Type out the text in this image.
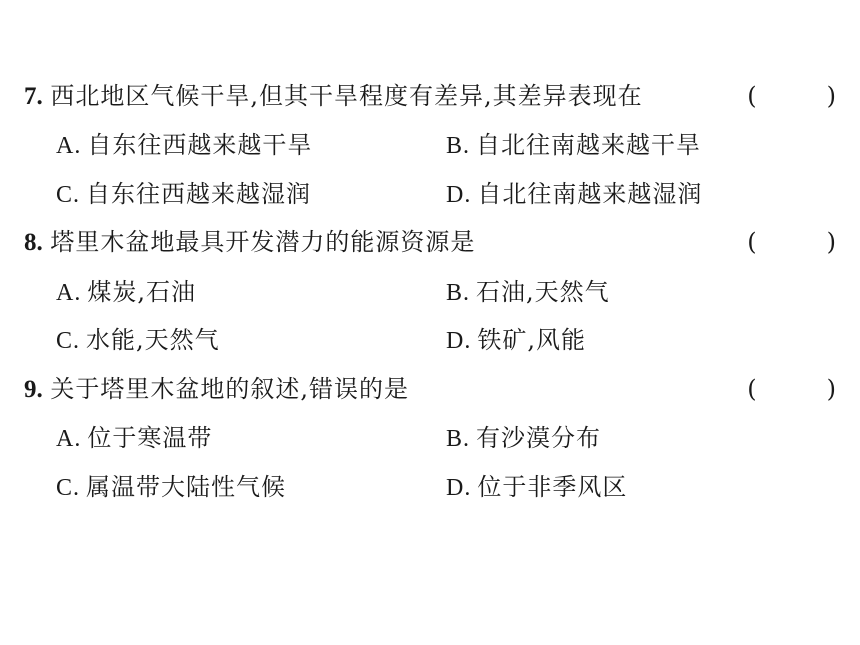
7. 西北地区气候干旱,但其干旱程度有差异,其差异表现在	(	)
A. 自东往西越来越干旱	B. 自北往南越来越干旱
C. 自东往西越来越湿润	D. 自北往南越来越湿润
8. 塔里木盆地最具开发潜力的能源资源是	(	)
A. 煤炭,石油	B. 石油,天然气
C. 水能,天然气	D. 铁矿,风能
9. 关于塔里木盆地的叙述,错误的是	(	)
A. 位于寒温带	B. 有沙漠分布
C. 属温带大陆性气候	D. 位于非季风区
